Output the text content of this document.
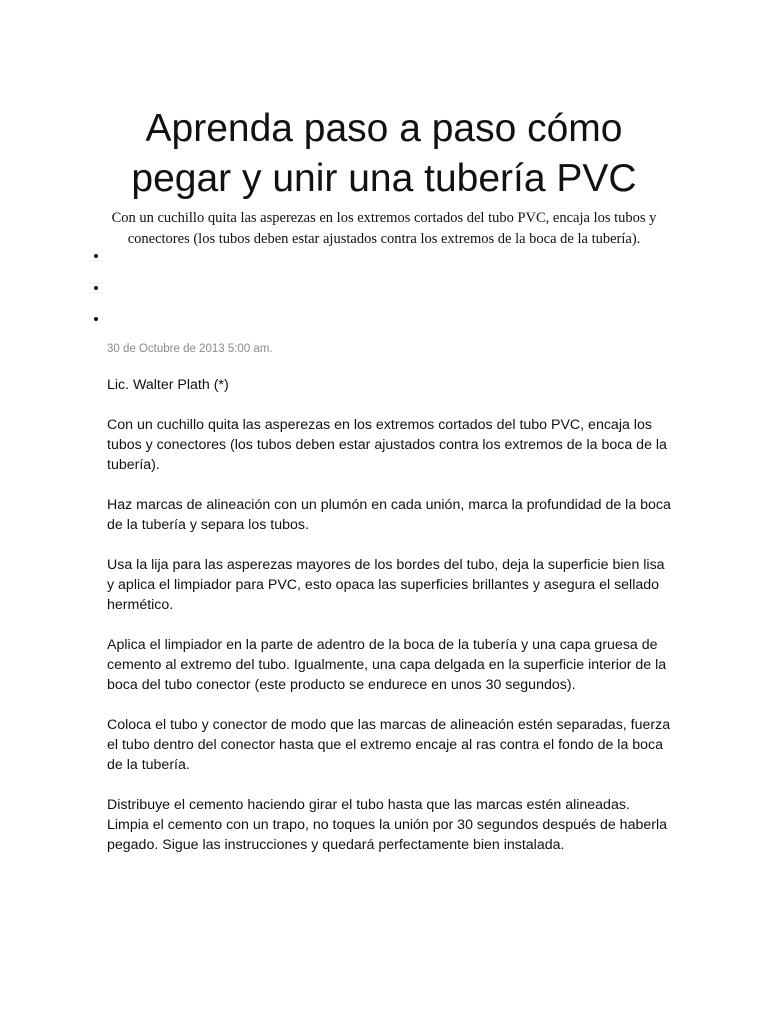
Aprenda paso a paso cómo
pegar y unir una tubería PVC

Con un cuchillo quita las asperezas en los extremos cortados del tubo PVC, encaja los tubos y conectores (los tubos deben estar ajustados contra los extremos de la boca de la tubería).

30 de Octubre de 2013 5:00 am.

Lic. Walter Plath (*)

Con un cuchillo quita las asperezas en los extremos cortados del tubo PVC, encaja los tubos y conectores (los tubos deben estar ajustados contra los extremos de la boca de la tubería).

Haz marcas de alineación con un plumón en cada unión, marca la profundidad de la boca de la tubería y separa los tubos.

Usa la lija para las asperezas mayores de los bordes del tubo, deja la superficie bien lisa y aplica el limpiador para PVC, esto opaca las superficies brillantes y asegura el sellado hermético.

Aplica el limpiador en la parte de adentro de la boca de la tubería y una capa gruesa de cemento al extremo del tubo. Igualmente, una capa delgada en la superficie interior de la boca del tubo conector (este producto se endurece en unos 30 segundos).

Coloca el tubo y conector de modo que las marcas de alineación estén separadas, fuerza el tubo dentro del conector hasta que el extremo encaje al ras contra el fondo de la boca de la tubería.

Distribuye el cemento haciendo girar el tubo hasta que las marcas estén alineadas. Limpia el cemento con un trapo, no toques la unión por 30 segundos después de haberla pegado. Sigue las instrucciones y quedará perfectamente bien instalada.
